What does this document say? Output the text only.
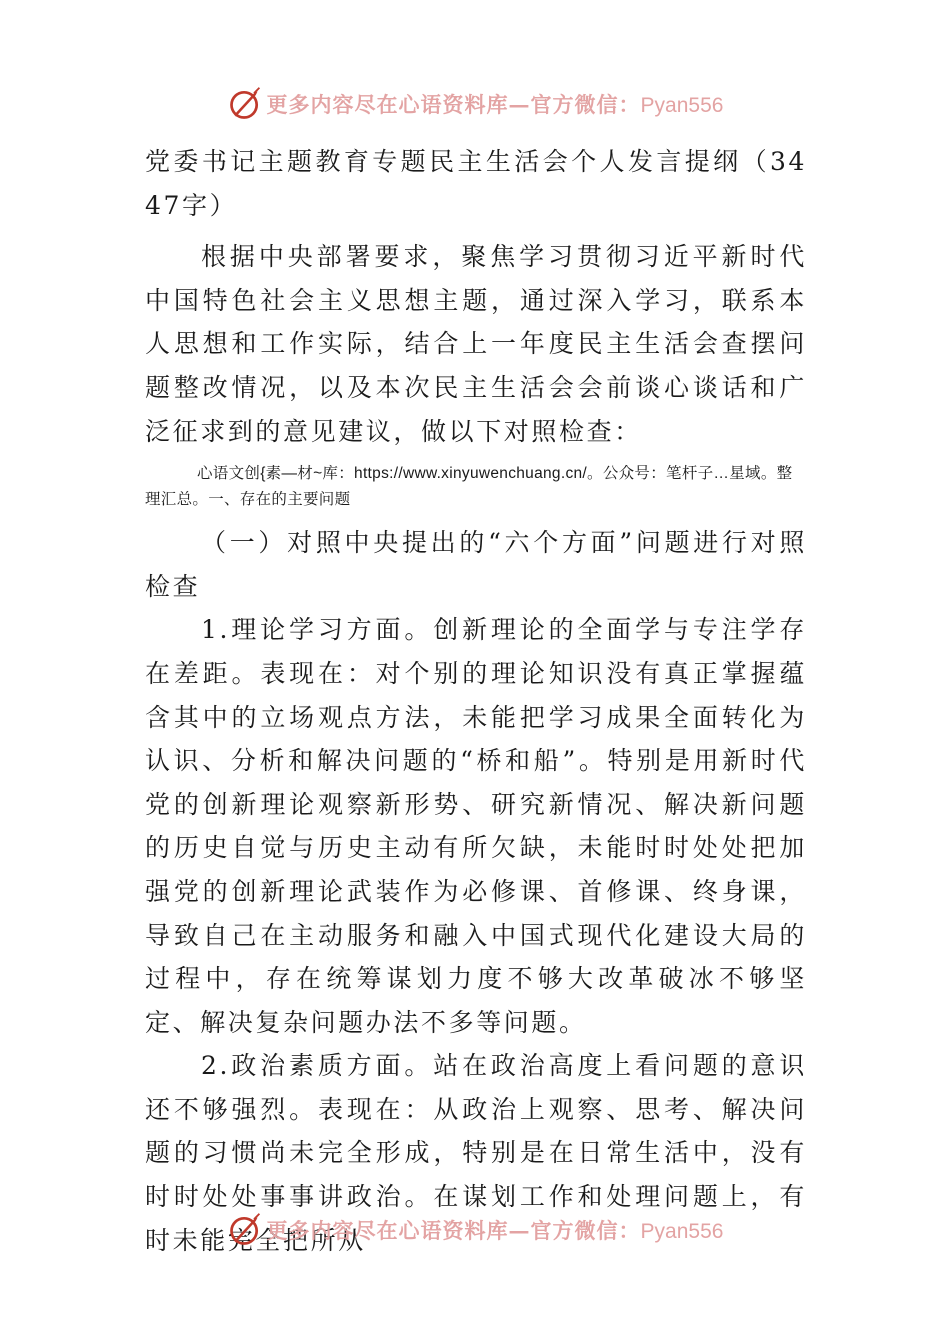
更多内容尽在心语资料库—官方微信：Pyan556

党委书记主题教育专题民主生活会个人发言提纲（3447字）

根据中央部署要求，聚焦学习贯彻习近平新时代中国特色社会主义思想主题，通过深入学习，联系本人思想和工作实际，结合上一年度民主生活会查摆问题整改情况，以及本次民主生活会会前谈心谈话和广泛征求到的意见建议，做以下对照检查：

心语文创{素—材~库：https://www.xinyuwenchuang.cn/。公众号：笔杆子…星域。整理汇总。一、存在的主要问题

（一）对照中央提出的“六个方面”问题进行对照检查

1.理论学习方面。创新理论的全面学与专注学存在差距。表现在：对个别的理论知识没有真正掌握蕴含其中的立场观点方法，未能把学习成果全面转化为认识、分析和解决问题的“桥和船”。特别是用新时代党的创新理论观察新形势、研究新情况、解决新问题的历史自觉与历史主动有所欠缺，未能时时处处把加强党的创新理论武装作为必修课、首修课、终身课，导致自己在主动服务和融入中国式现代化建设大局的过程中，存在统筹谋划力度不够大改革破冰不够坚定、解决复杂问题办法不多等问题。

2.政治素质方面。站在政治高度上看问题的意识还不够强烈。表现在：从政治上观察、思考、解决问题的习惯尚未完全形成，特别是在日常生活中，没有时时处处事事讲政治。在谋划工作和处理问题上，有时未能完全把所从

更多内容尽在心语资料库—官方微信：Pyan556
